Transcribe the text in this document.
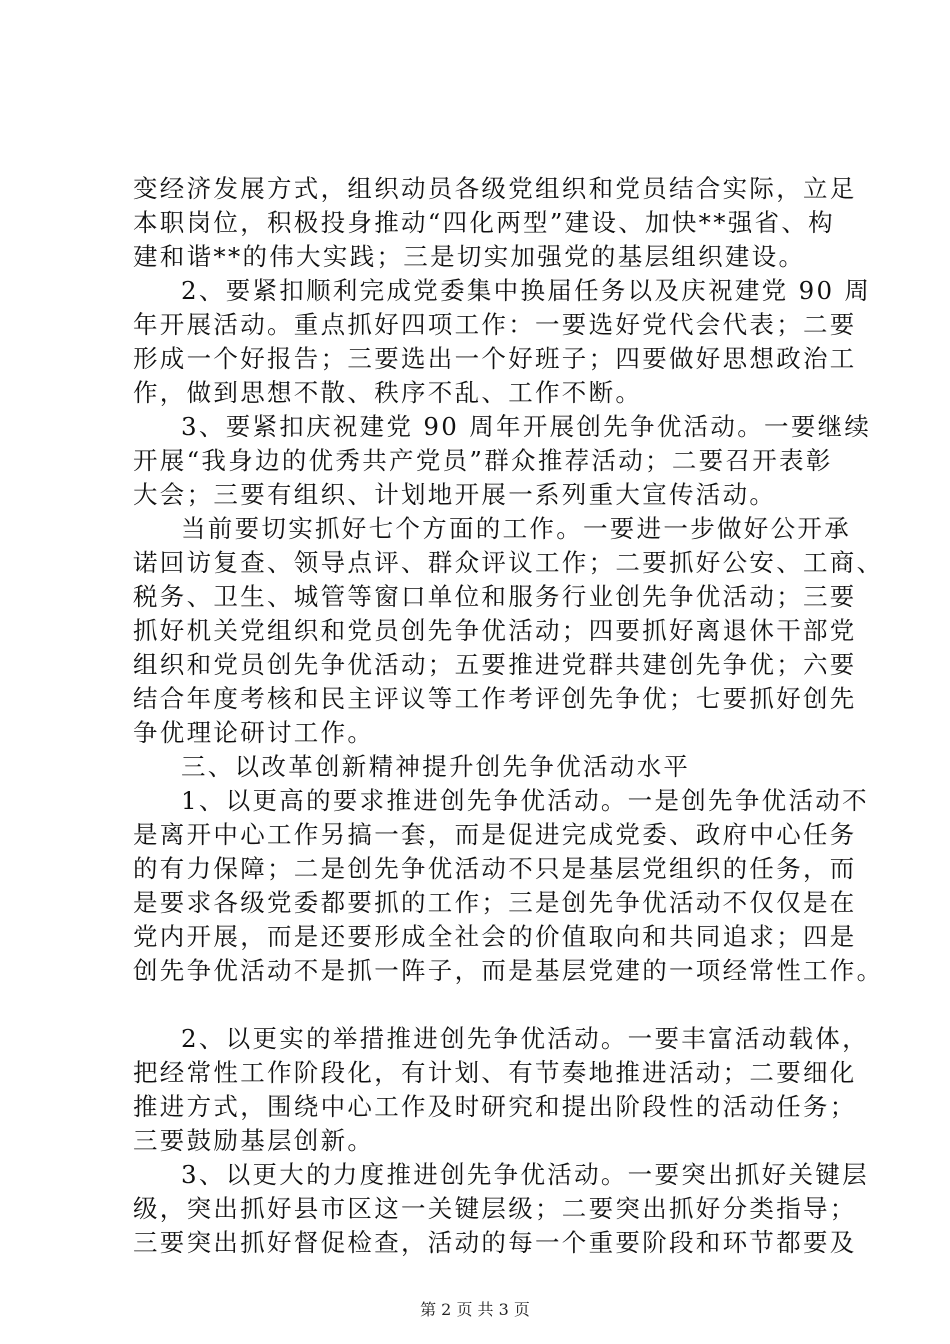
变经济发展方式，组织动员各级党组织和党员结合实际，立足
本职岗位，积极投身推动“四化两型”建设、加快**强省、构
建和谐**的伟大实践；三是切实加强党的基层组织建设。
2、要紧扣顺利完成党委集中换届任务以及庆祝建党 90 周
年开展活动。重点抓好四项工作：一要选好党代会代表；二要
形成一个好报告；三要选出一个好班子；四要做好思想政治工
作，做到思想不散、秩序不乱、工作不断。
3、要紧扣庆祝建党 90 周年开展创先争优活动。一要继续
开展“我身边的优秀共产党员”群众推荐活动；二要召开表彰
大会；三要有组织、计划地开展一系列重大宣传活动。
当前要切实抓好七个方面的工作。一要进一步做好公开承
诺回访复查、领导点评、群众评议工作；二要抓好公安、工商、
税务、卫生、城管等窗口单位和服务行业创先争优活动；三要
抓好机关党组织和党员创先争优活动；四要抓好离退休干部党
组织和党员创先争优活动；五要推进党群共建创先争优；六要
结合年度考核和民主评议等工作考评创先争优；七要抓好创先
争优理论研讨工作。
三、以改革创新精神提升创先争优活动水平
1、以更高的要求推进创先争优活动。一是创先争优活动不
是离开中心工作另搞一套，而是促进完成党委、政府中心任务
的有力保障；二是创先争优活动不只是基层党组织的任务，而
是要求各级党委都要抓的工作；三是创先争优活动不仅仅是在
党内开展，而是还要形成全社会的价值取向和共同追求；四是
创先争优活动不是抓一阵子，而是基层党建的一项经常性工作。
2、以更实的举措推进创先争优活动。一要丰富活动载体，
把经常性工作阶段化，有计划、有节奏地推进活动；二要细化
推进方式，围绕中心工作及时研究和提出阶段性的活动任务；
三要鼓励基层创新。
3、以更大的力度推进创先争优活动。一要突出抓好关键层
级，突出抓好县市区这一关键层级；二要突出抓好分类指导；
三要突出抓好督促检查，活动的每一个重要阶段和环节都要及
第 2 页 共 3 页
